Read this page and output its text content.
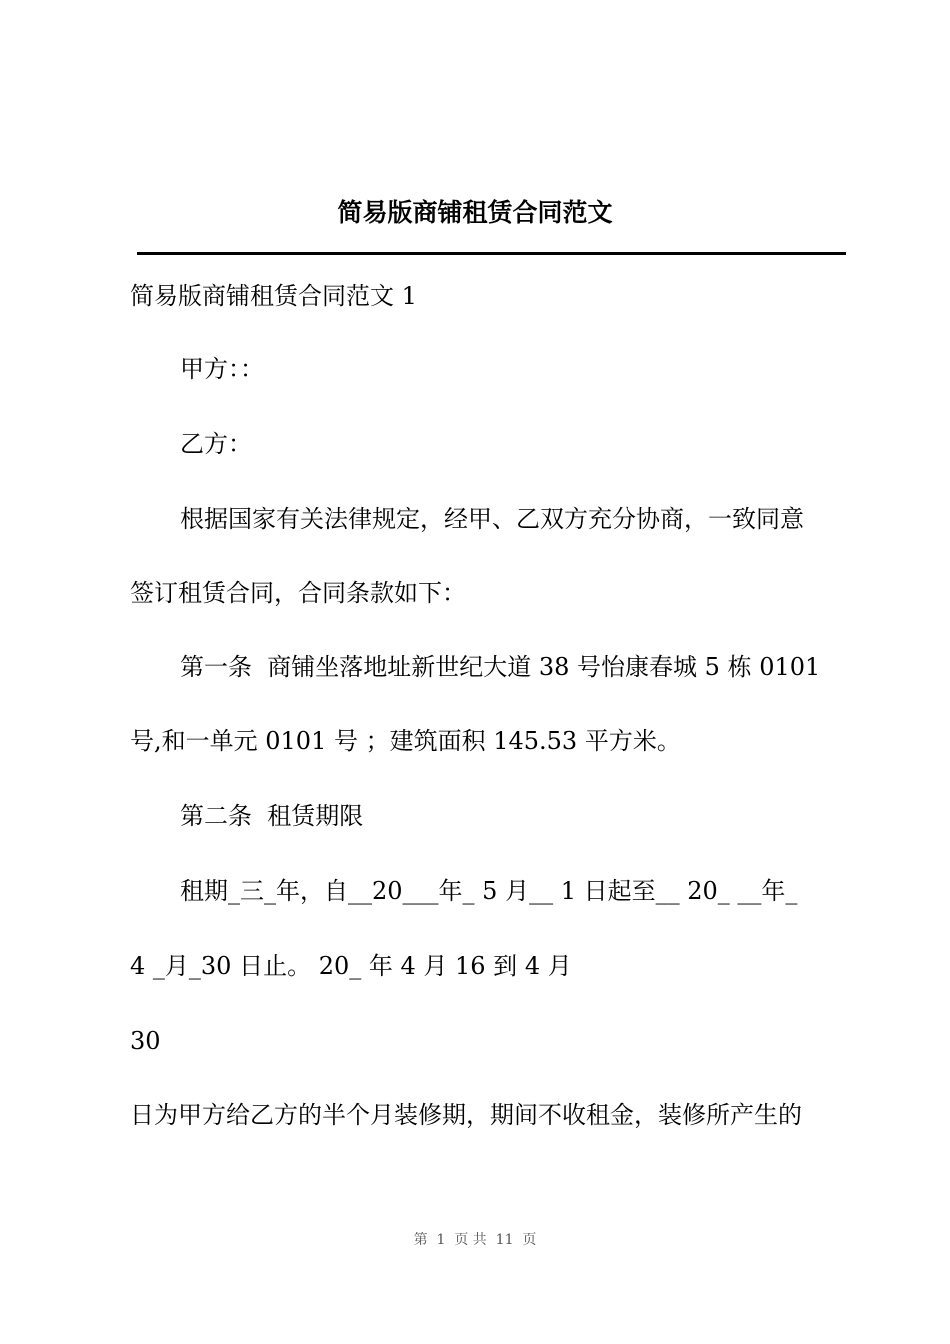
简易版商铺租赁合同范文
简易版商铺租赁合同范文 1
甲方：：
乙方：
根据国家有关法律规定，经甲、乙双方充分协商，一致同意
签订租赁合同，合同条款如下：
第一条  商铺坐落地址新世纪大道 38 号怡康春城 5 栋 0101
号,和一单元 0101 号 ；建筑面积 145.53 平方米。
第二条  租赁期限
租期_三_年，自__20___年_ 5 月__ 1 日起至__ 20_ __年_
4 _月_30 日止。 20_ 年 4 月 16 到 4 月
30
日为甲方给乙方的半个月装修期，期间不收租金，装修所产生的
第  1  页 共  11  页
